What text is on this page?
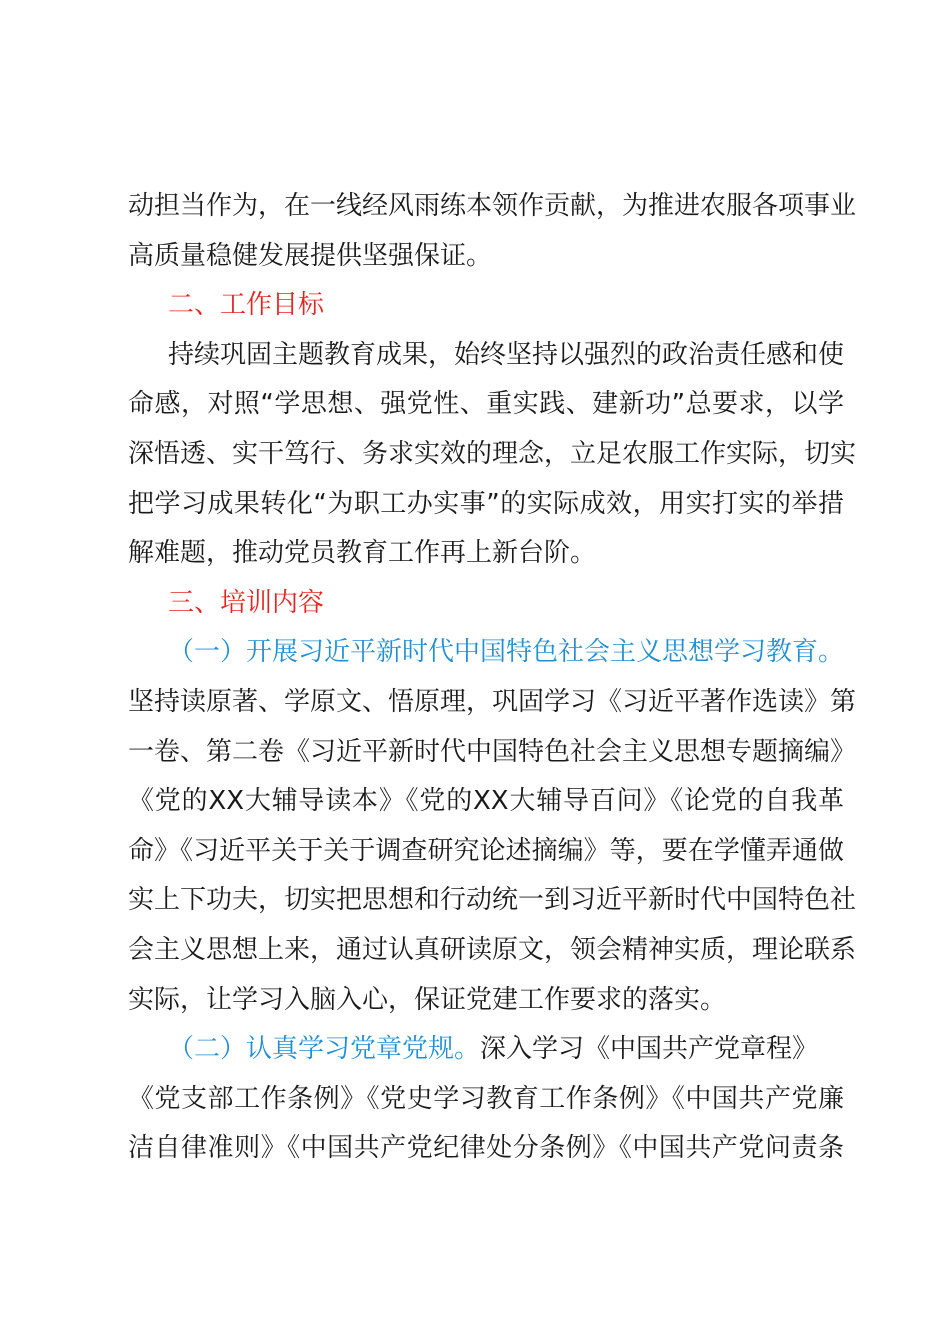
动担当作为，在一线经风雨练本领作贡献，为推进农服各项事业
高质量稳健发展提供坚强保证。
二、工作目标
持续巩固主题教育成果，始终坚持以强烈的政治责任感和使
命感，对照“学思想、强党性、重实践、建新功”总要求，以学
深悟透、实干笃行、务求实效的理念，立足农服工作实际，切实
把学习成果转化“为职工办实事”的实际成效，用实打实的举措
解难题，推动党员教育工作再上新台阶。
三、培训内容
（一）开展习近平新时代中国特色社会主义思想学习教育。
坚持读原著、学原文、悟原理，巩固学习《习近平著作选读》第
一卷、第二卷《习近平新时代中国特色社会主义思想专题摘编》
《党的XX大辅导读本》《党的XX大辅导百问》《论党的自我革
命》《习近平关于关于调查研究论述摘编》等，要在学懂弄通做
实上下功夫，切实把思想和行动统一到习近平新时代中国特色社
会主义思想上来，通过认真研读原文，领会精神实质，理论联系
实际，让学习入脑入心，保证党建工作要求的落实。
（二）认真学习党章党规。深入学习《中国共产党章程》
《党支部工作条例》《党史学习教育工作条例》《中国共产党廉
洁自律准则》《中国共产党纪律处分条例》《中国共产党问责条
